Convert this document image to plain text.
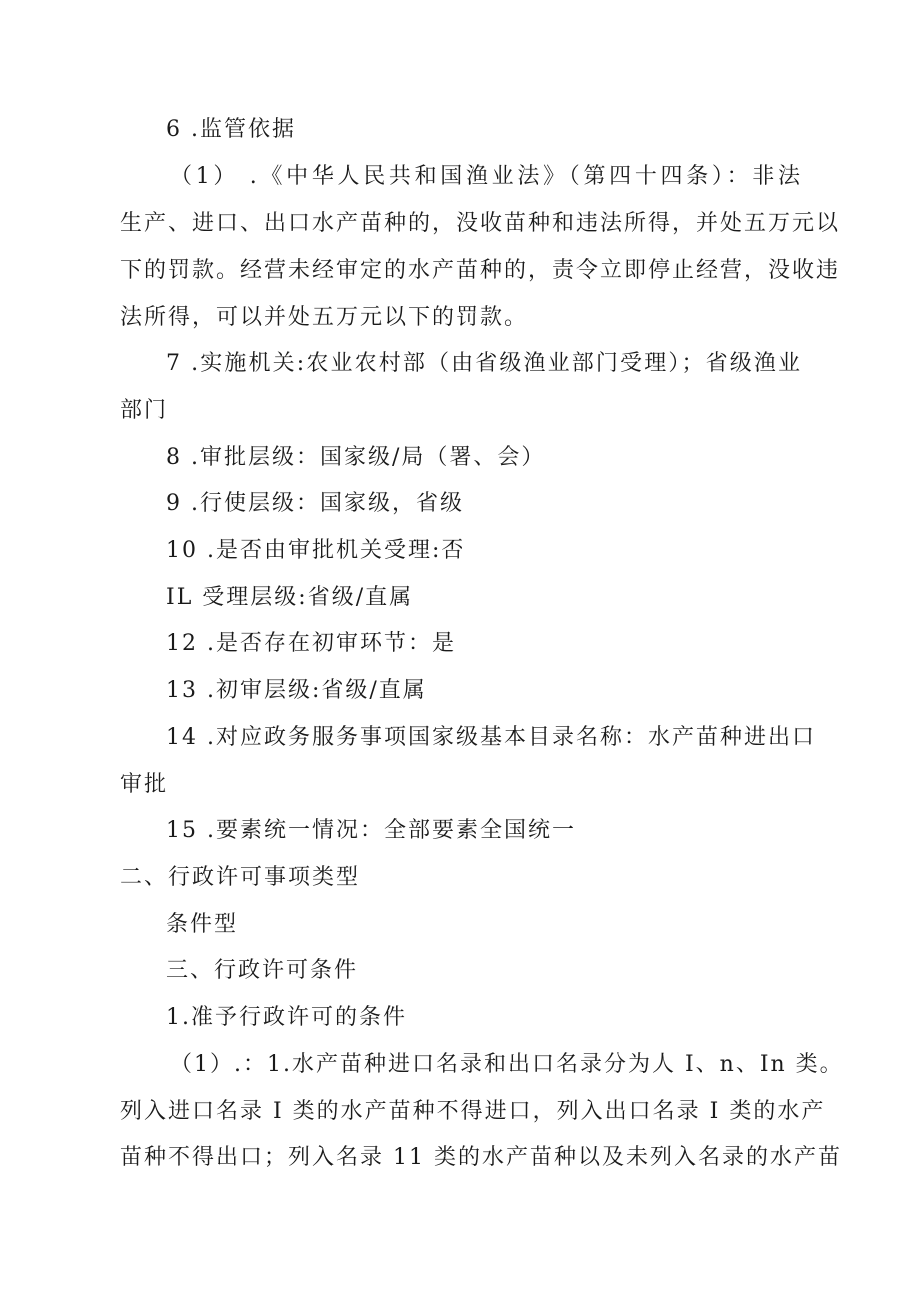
6 .监管依据
（1） .《中华人民共和国渔业法》（第四十四条）：非法
生产、进口、出口水产苗种的，没收苗种和违法所得，并处五万元以
下的罚款。经营未经审定的水产苗种的，责令立即停止经营，没收违
法所得，可以并处五万元以下的罚款。
7 .实施机关:农业农村部（由省级渔业部门受理）；省级渔业
部门
8 .审批层级：国家级/局（署、会）
9 .行使层级：国家级，省级
10 .是否由审批机关受理:否
IL 受理层级:省级/直属
12 .是否存在初审环节：是
13 .初审层级:省级/直属
14 .对应政务服务事项国家级基本目录名称：水产苗种进出口
审批
15 .要素统一情况：全部要素全国统一
二、行政许可事项类型
条件型
三、行政许可条件
1.准予行政许可的条件
（1）.：1.水产苗种进口名录和出口名录分为人 I、n、In 类。
列入进口名录 I 类的水产苗种不得进口，列入出口名录 I 类的水产
苗种不得出口；列入名录 11 类的水产苗种以及未列入名录的水产苗
